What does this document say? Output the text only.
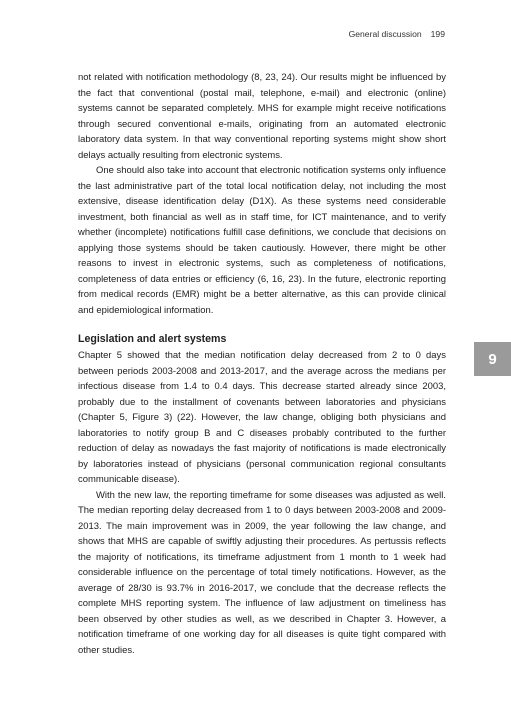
General discussion 199

not related with notification methodology (8, 23, 24). Our results might be influenced by the fact that conventional (postal mail, telephone, e-mail) and electronic (online) systems cannot be separated completely. MHS for example might receive notifications through secured conventional e-mails, originating from an automated electronic laboratory data system. In that way conventional reporting systems might show short delays actually resulting from electronic systems.

One should also take into account that electronic notification systems only influence the last administrative part of the total local notification delay, not including the most extensive, disease identification delay (D1X). As these systems need considerable investment, both financial as well as in staff time, for ICT maintenance, and to verify whether (incomplete) notifications fulfill case definitions, we conclude that decisions on applying those systems should be taken cautiously. However, there might be other reasons to invest in electronic systems, such as completeness of notifications, completeness of data entries or efficiency (6, 16, 23). In the future, electronic reporting from medical records (EMR) might be a better alternative, as this can provide clinical and epidemiological information.

Legislation and alert systems

Chapter 5 showed that the median notification delay decreased from 2 to 0 days between periods 2003-2008 and 2013-2017, and the average across the medians per infectious disease from 1.4 to 0.4 days. This decrease started already since 2003, probably due to the installment of covenants between laboratories and physicians (Chapter 5, Figure 3) (22). However, the law change, obliging both physicians and laboratories to notify group B and C diseases probably contributed to the further reduction of delay as nowadays the fast majority of notifications is made electronically by laboratories instead of physicians (personal communication regional consultants communicable disease).

With the new law, the reporting timeframe for some diseases was adjusted as well. The median reporting delay decreased from 1 to 0 days between 2003-2008 and 2009-2013. The main improvement was in 2009, the year following the law change, and shows that MHS are capable of swiftly adjusting their procedures. As pertussis reflects the majority of notifications, its timeframe adjustment from 1 month to 1 week had considerable influence on the percentage of total timely notifications. However, as the average of 28/30 is 93.7% in 2016-2017, we conclude that the decrease reflects the complete MHS reporting system. The influence of law adjustment on timeliness has been observed by other studies as well, as we described in Chapter 3. However, a notification timeframe of one working day for all diseases is quite tight compared with other studies.

9
